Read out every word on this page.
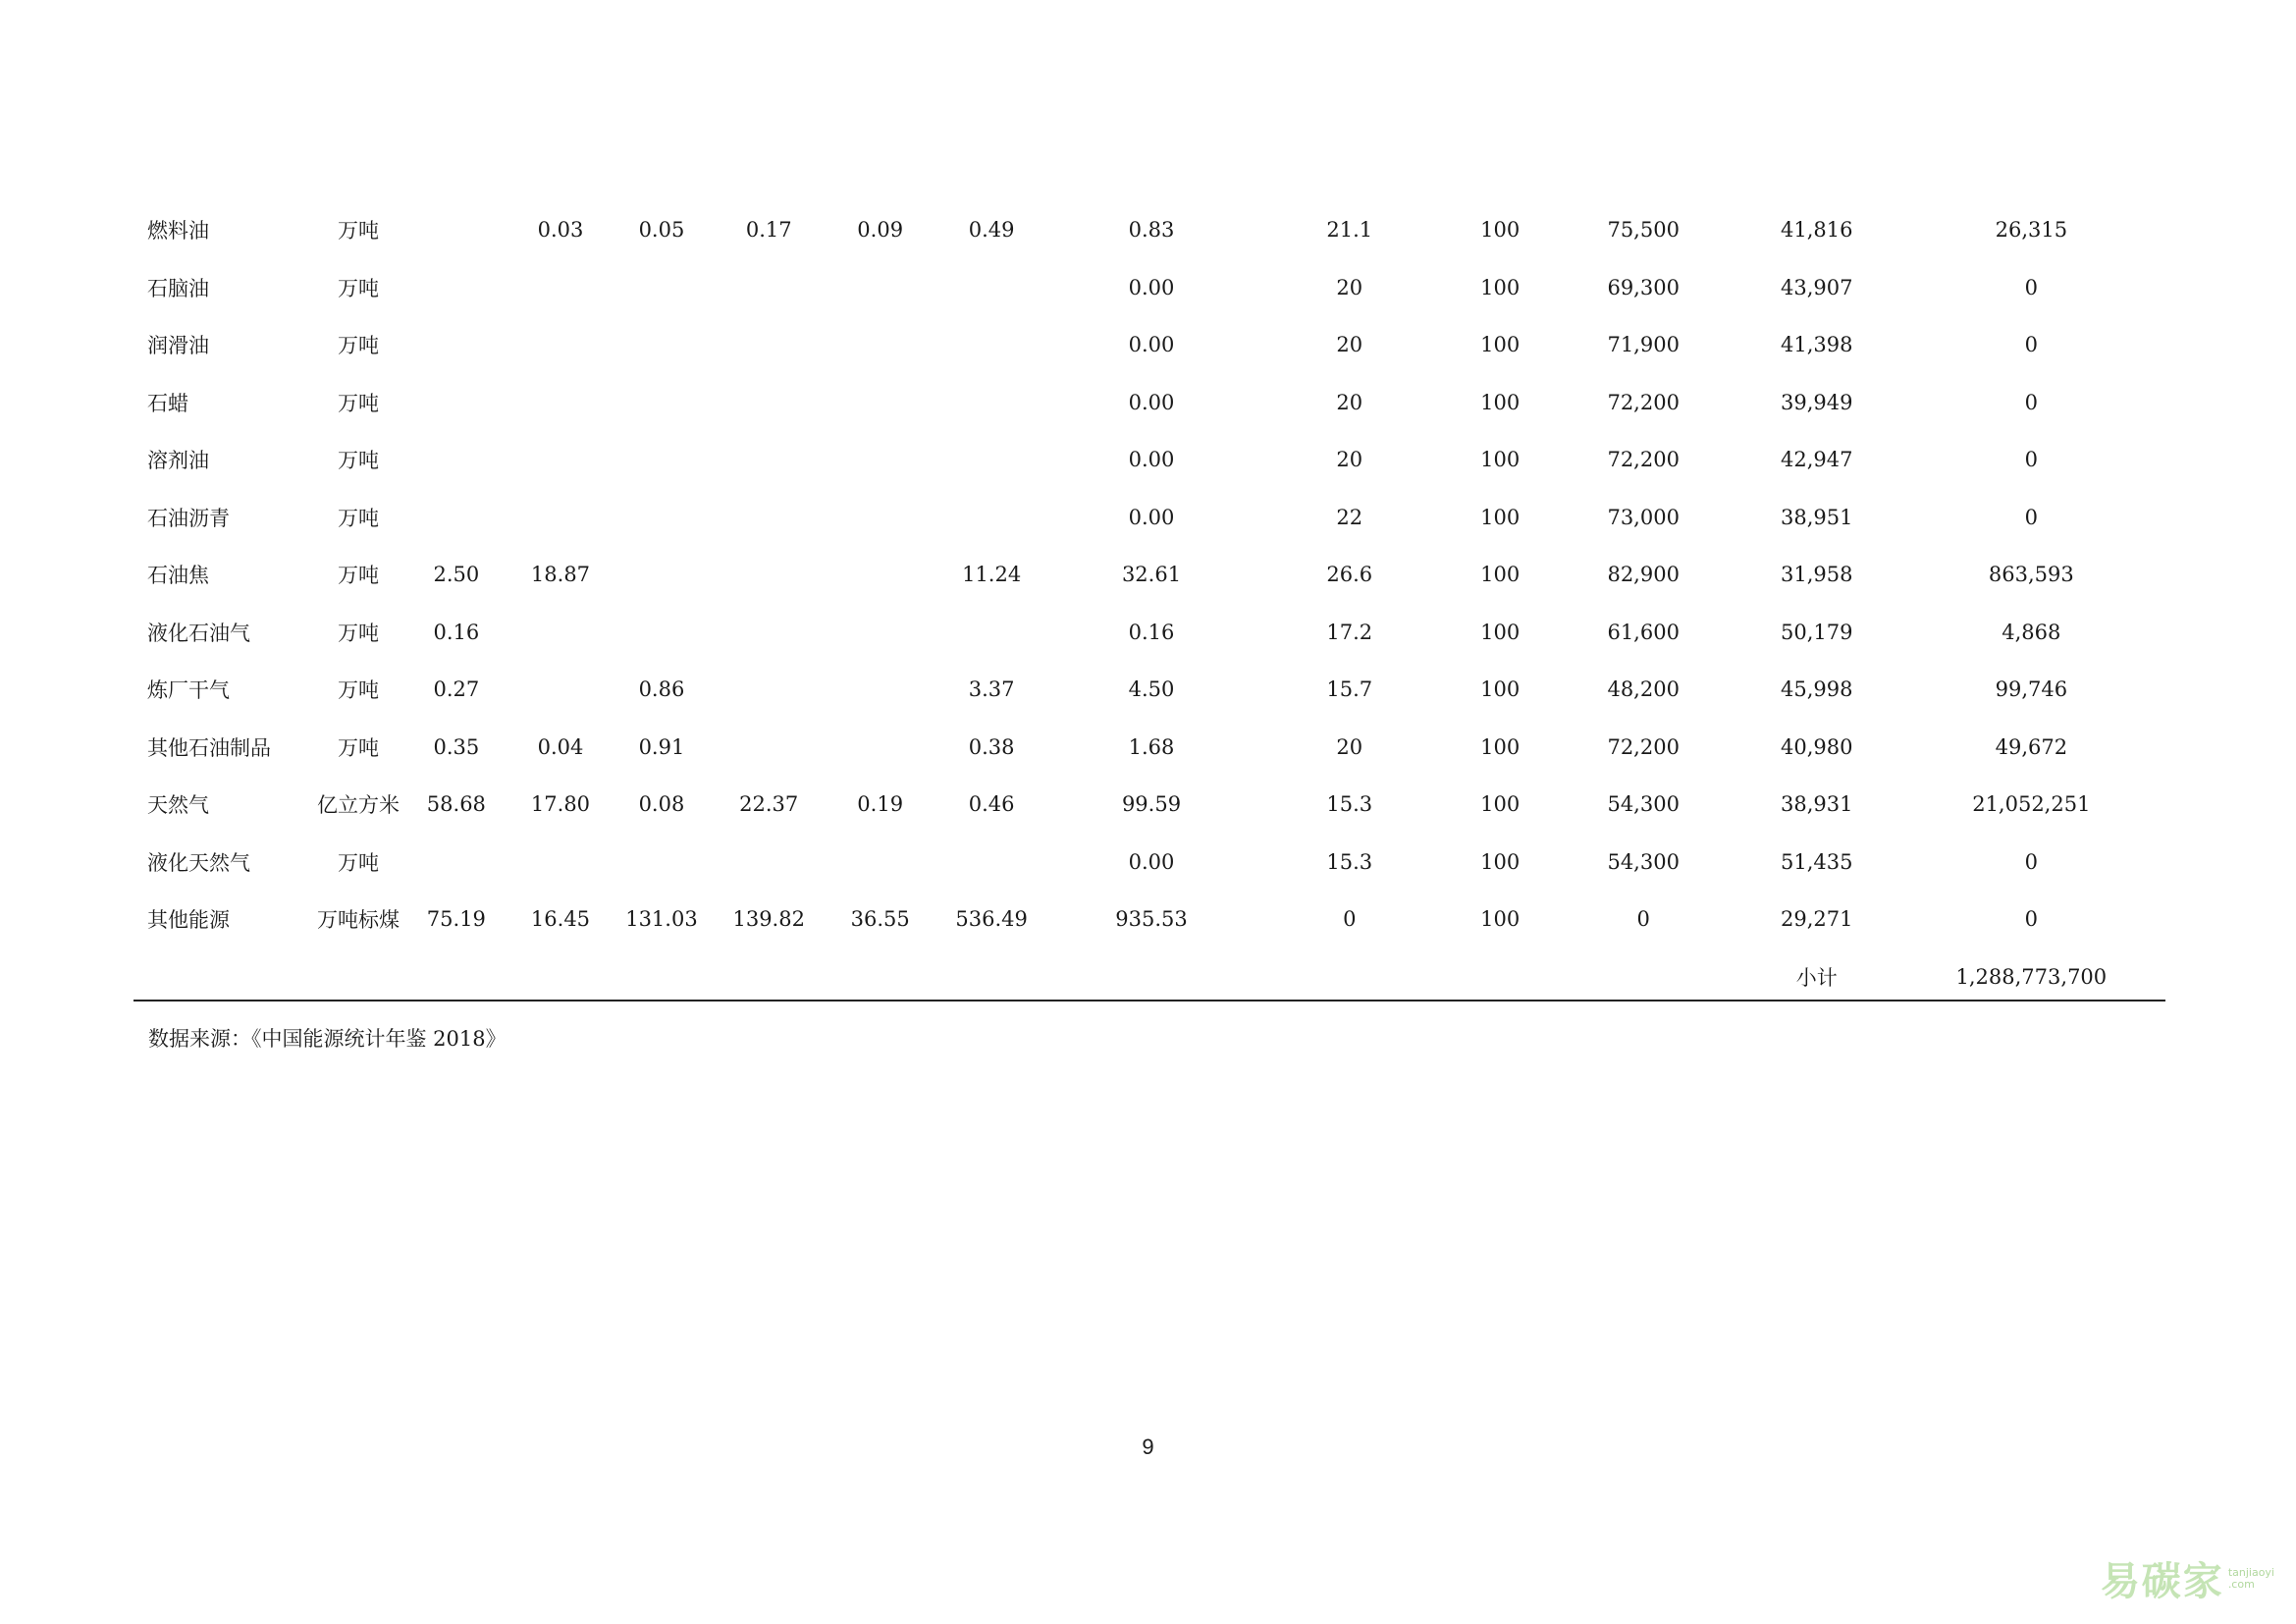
燃料油	万吨		0.03	0.05	0.17	0.09	0.49	0.83	21.1	100	75,500	41,816	26,315
石脑油	万吨							0.00	20	100	69,300	43,907	0
润滑油	万吨							0.00	20	100	71,900	41,398	0
石蜡	万吨							0.00	20	100	72,200	39,949	0
溶剂油	万吨							0.00	20	100	72,200	42,947	0
石油沥青	万吨							0.00	22	100	73,000	38,951	0
石油焦	万吨	2.50	18.87				11.24	32.61	26.6	100	82,900	31,958	863,593
液化石油气	万吨	0.16						0.16	17.2	100	61,600	50,179	4,868
炼厂干气	万吨	0.27		0.86			3.37	4.50	15.7	100	48,200	45,998	99,746
其他石油制品	万吨	0.35	0.04	0.91			0.38	1.68	20	100	72,200	40,980	49,672
天然气	亿立方米	58.68	17.80	0.08	22.37	0.19	0.46	99.59	15.3	100	54,300	38,931	21,052,251
液化天然气	万吨							0.00	15.3	100	54,300	51,435	0
其他能源	万吨标煤	75.19	16.45	131.03	139.82	36.55	536.49	935.53	0	100	0	29,271	0
												小计	1,288,773,700
数据来源：《中国能源统计年鉴 2018》
9
易碳家 tanjiaoyi
.com
